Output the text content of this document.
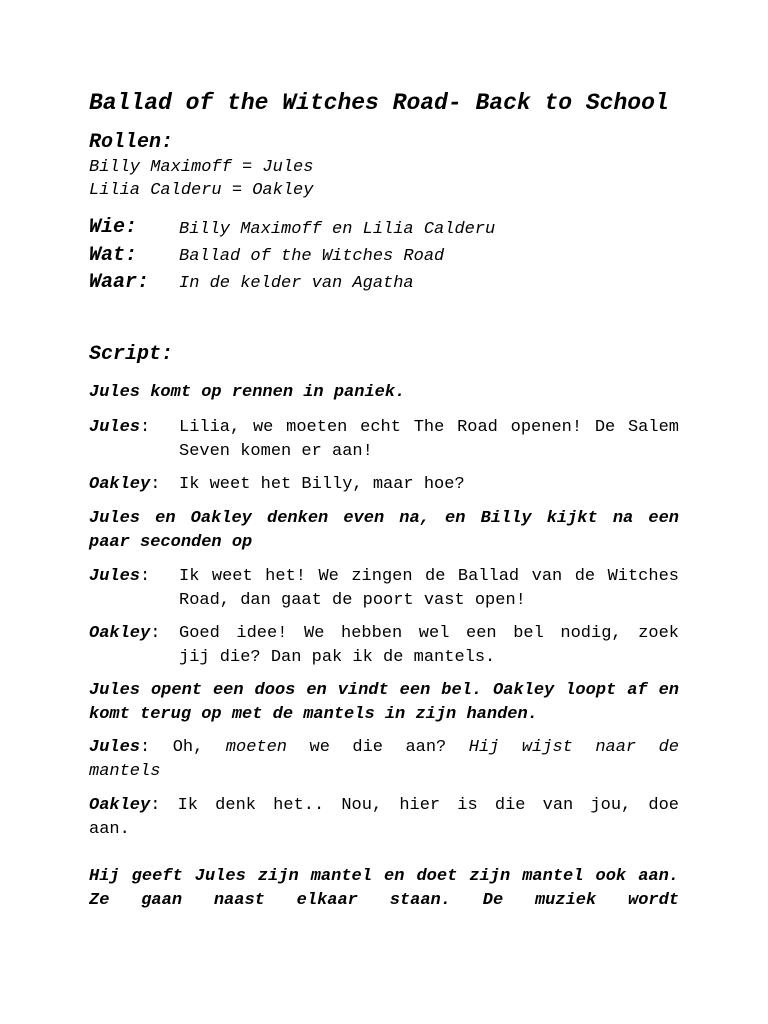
Ballad of the Witches Road- Back to School
Rollen:
Billy Maximoff = Jules
Lilia Calderu = Oakley
Wie: Billy Maximoff en Lilia Calderu
Wat: Ballad of the Witches Road
Waar: In de kelder van Agatha
Script:
Jules komt op rennen in paniek.
Jules: Lilia, we moeten echt The Road openen! De Salem
Seven komen er aan!
Oakley: Ik weet het Billy, maar hoe?
Jules en Oakley denken even na, en Billy kijkt na een paar seconden op
Jules: Ik weet het! We zingen de Ballad van de Witches
Road, dan gaat de poort vast open!
Oakley: Goed idee! We hebben wel een bel nodig, zoek
jij die? Dan pak ik de mantels.
Jules opent een doos en vindt een bel. Oakley loopt af en komt terug op met de mantels in zijn handen.
Jules: Oh, moeten we die aan? Hij wijst naar de
mantels
Oakley: Ik denk het.. Nou, hier is die van jou, doe
aan.
Hij geeft Jules zijn mantel en doet zijn mantel ook aan. Ze gaan naast elkaar staan. De muziek wordt
